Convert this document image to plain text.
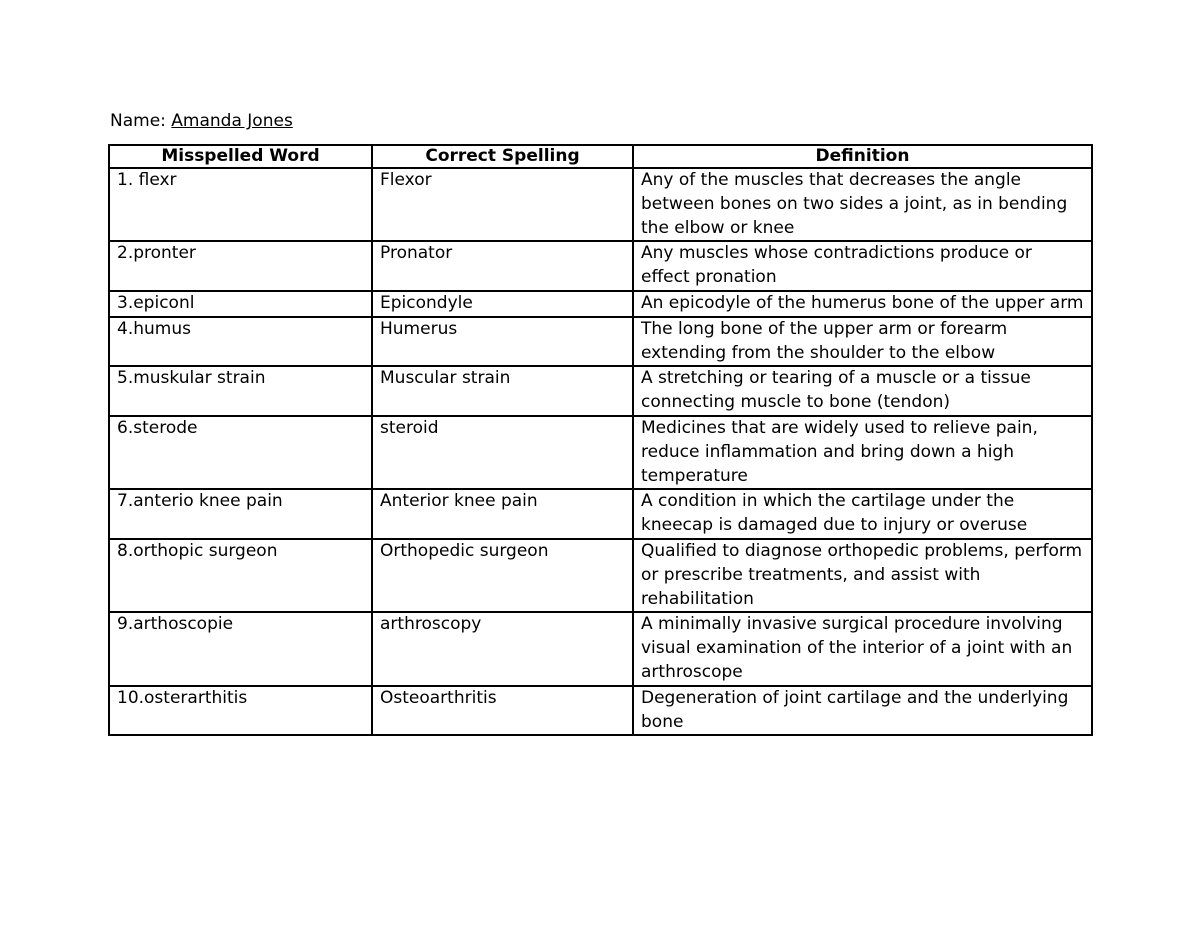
Name: Amanda Jones
Misspelled Word	Correct Spelling	Definition
1. flexr	Flexor	Any of the muscles that decreases the angle between bones on two sides a joint, as in bending the elbow or knee
2.pronter	Pronator	Any muscles whose contradictions produce or effect pronation
3.epiconl	Epicondyle	An epicodyle of the humerus bone of the upper arm
4.humus	Humerus	The long bone of the upper arm or forearm extending from the shoulder to the elbow
5.muskular strain	Muscular strain	A stretching or tearing of a muscle or a tissue connecting muscle to bone (tendon)
6.sterode	steroid	Medicines that are widely used to relieve pain, reduce inflammation and bring down a high temperature
7.anterio knee pain	Anterior knee pain	A condition in which the cartilage under the kneecap is damaged due to injury or overuse
8.orthopic surgeon	Orthopedic surgeon	Qualified to diagnose orthopedic problems, perform or prescribe treatments, and assist with rehabilitation
9.arthoscopie	arthroscopy	A minimally invasive surgical procedure involving visual examination of the interior of a joint with an arthroscope
10.osterarthitis	Osteoarthritis	Degeneration of joint cartilage and the underlying bone
